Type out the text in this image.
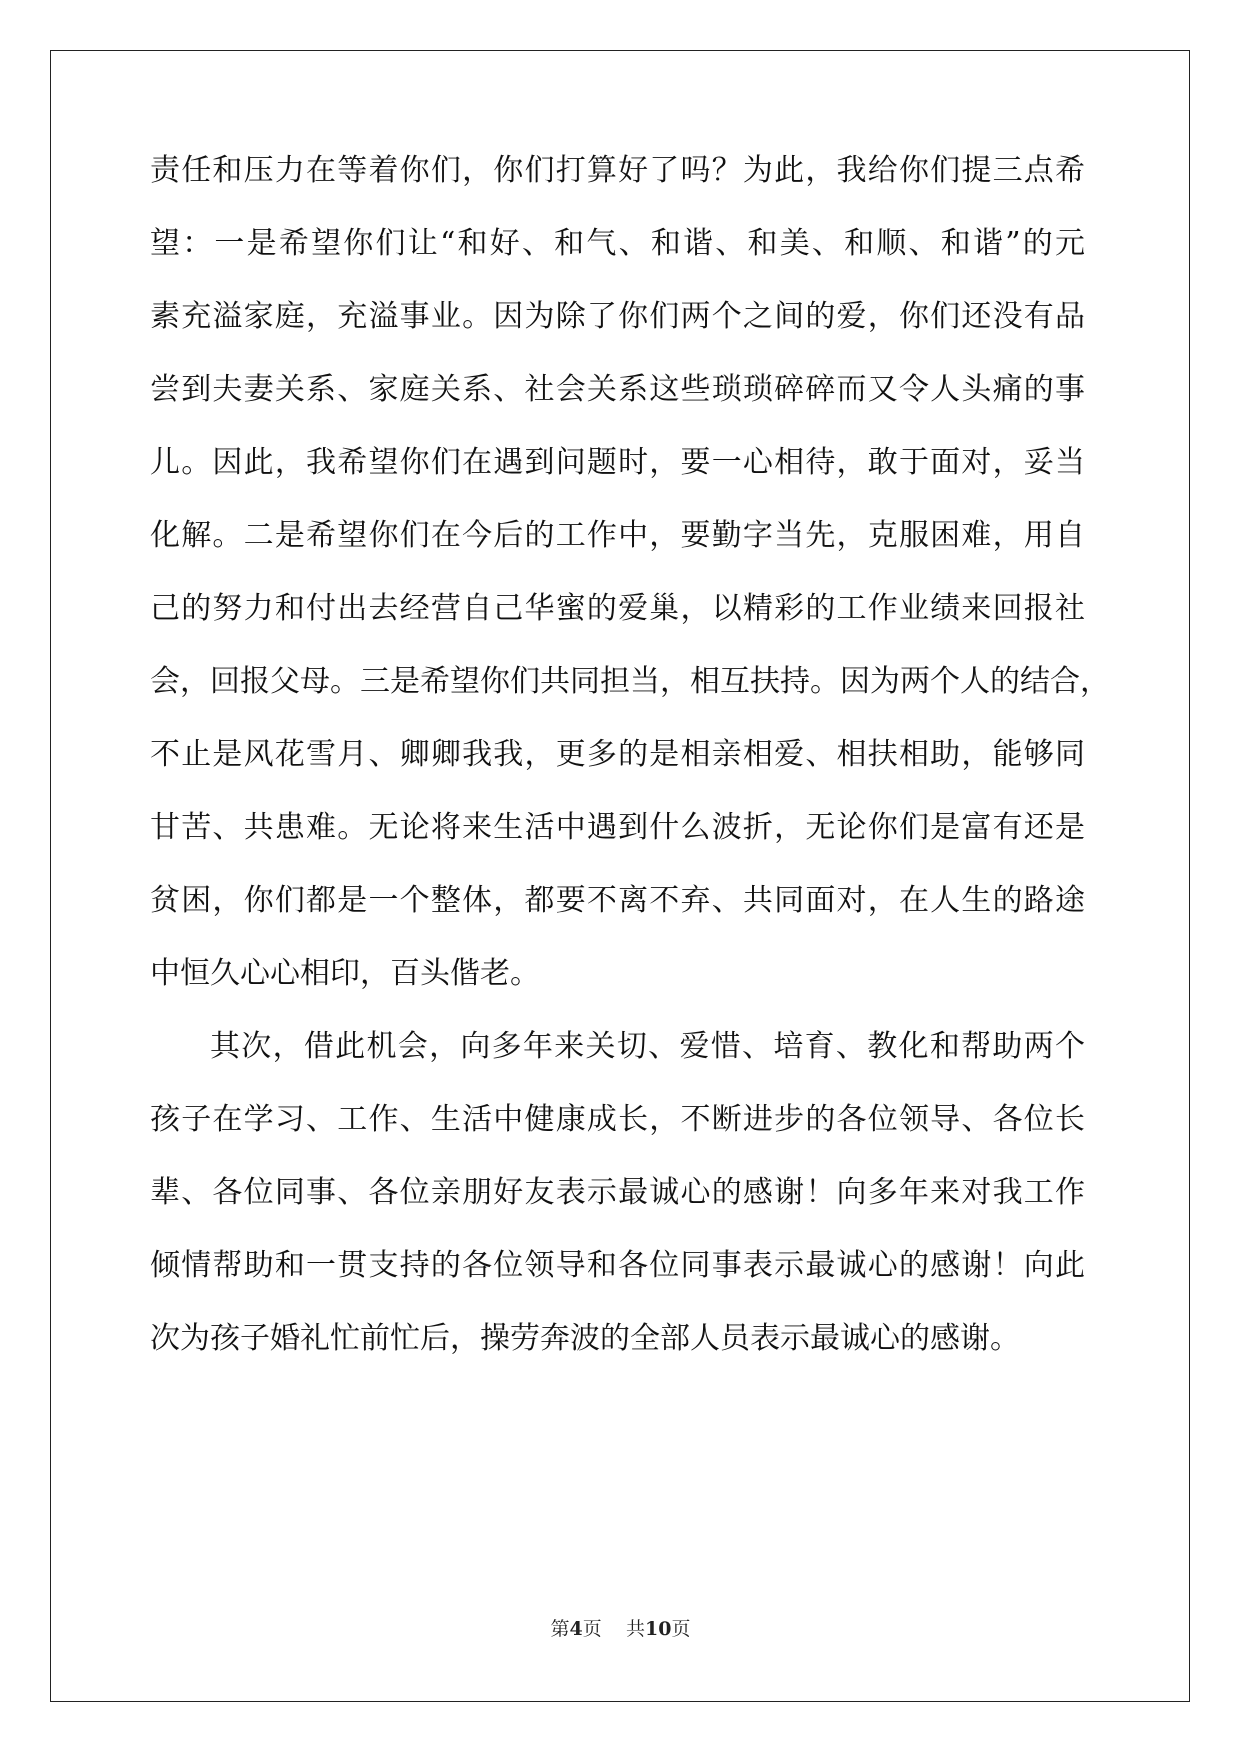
责任和压力在等着你们，你们打算好了吗？为此，我给你们提三点希
望：一是希望你们让“和好、和气、和谐、和美、和顺、和谐”的元
素充溢家庭，充溢事业。因为除了你们两个之间的爱，你们还没有品
尝到夫妻关系、家庭关系、社会关系这些琐琐碎碎而又令人头痛的事
儿。因此，我希望你们在遇到问题时，要一心相待，敢于面对，妥当
化解。二是希望你们在今后的工作中，要勤字当先，克服困难，用自
己的努力和付出去经营自己华蜜的爱巢，以精彩的工作业绩来回报社
会，回报父母。三是希望你们共同担当，相互扶持。因为两个人的结合，
不止是风花雪月、卿卿我我，更多的是相亲相爱、相扶相助，能够同
甘苦、共患难。无论将来生活中遇到什么波折，无论你们是富有还是
贫困，你们都是一个整体，都要不离不弃、共同面对，在人生的路途
中恒久心心相印，百头偕老。
其次，借此机会，向多年来关切、爱惜、培育、教化和帮助两个
孩子在学习、工作、生活中健康成长，不断进步的各位领导、各位长
辈、各位同事、各位亲朋好友表示最诚心的感谢！向多年来对我工作
倾情帮助和一贯支持的各位领导和各位同事表示最诚心的感谢！向此
次为孩子婚礼忙前忙后，操劳奔波的全部人员表示最诚心的感谢。
第4页 共10页
